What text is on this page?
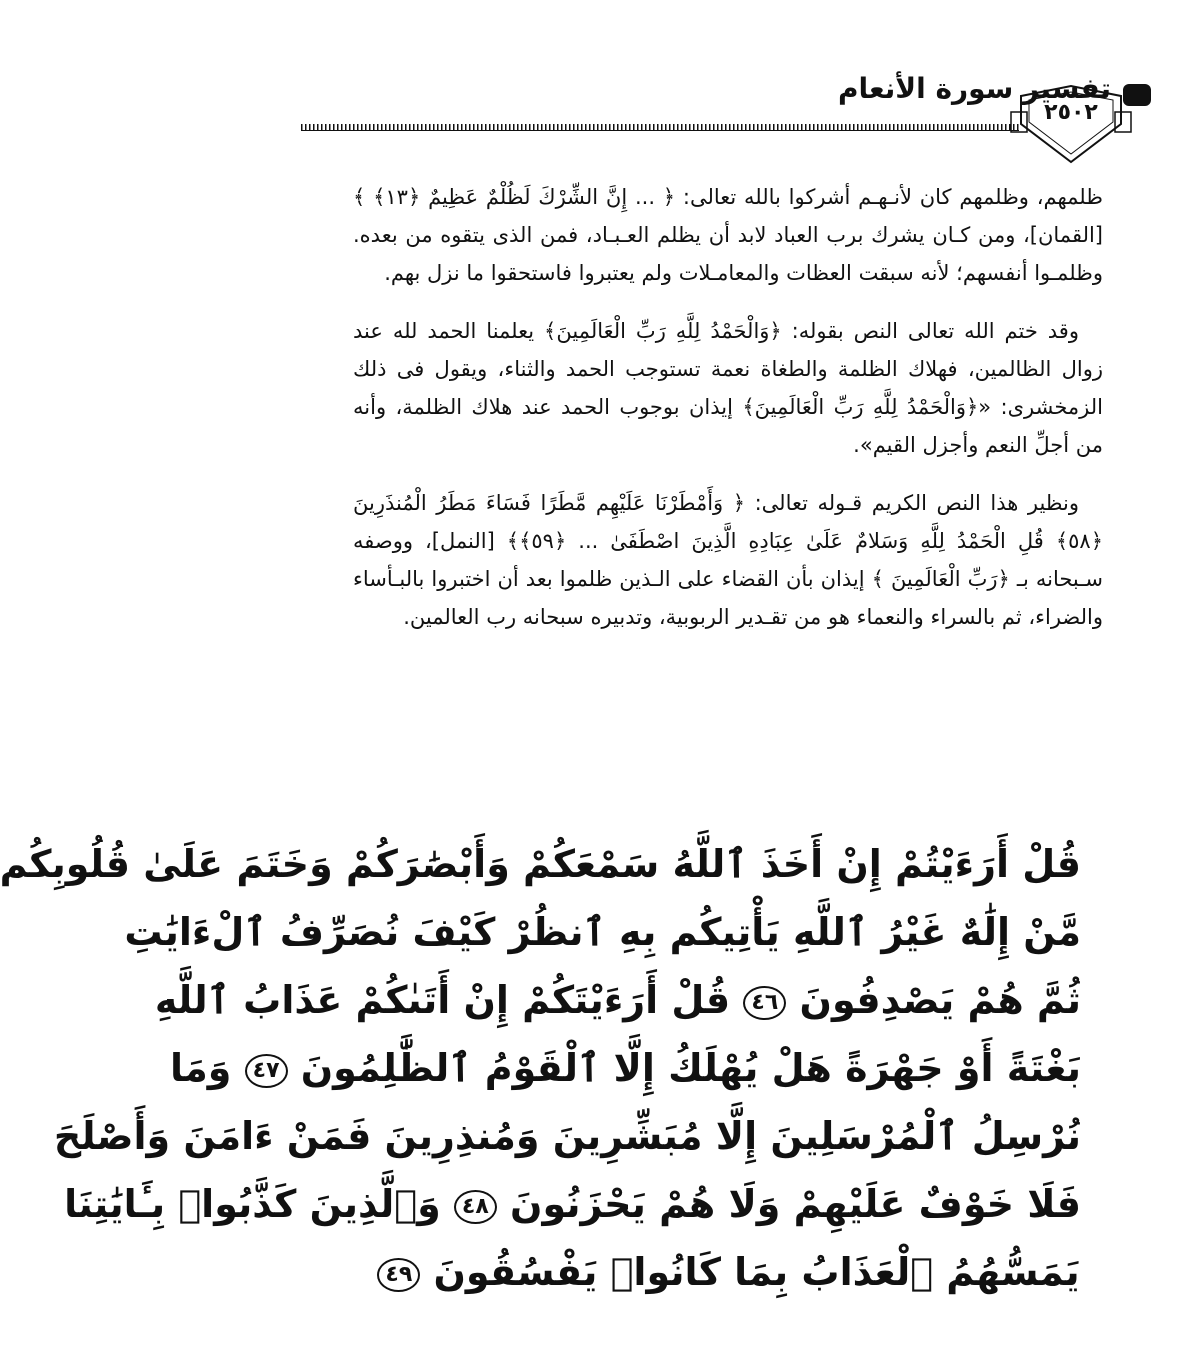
٢٥٠٢
تفسير سورة الأنعام

ظلمهم، وظلمهم كان لأنـهـم أشركوا بالله تعالى: ﴿ ... إِنَّ الشِّرْكَ لَظُلْمٌ عَظِيمٌ ﴿١٣﴾ ﴾ [القمان]، ومن كـان يشرك برب العباد لابد أن يظلم العـبـاد، فمن الذى يتقوه من بعده. وظلمـوا أنفسهم؛ لأنه سبقت العظات والمعامـلات ولم يعتبروا فاستحقوا ما نزل بهم.

وقد ختم الله تعالى النص بقوله: ﴿وَالْحَمْدُ لِلَّهِ رَبِّ الْعَالَمِينَ﴾ يعلمنا الحمد لله عند زوال الظالمين، فهلاك الظلمة والطغاة نعمة تستوجب الحمد والثناء، ويقول فى ذلك الزمخشرى: «﴿وَالْحَمْدُ لِلَّهِ رَبِّ الْعَالَمِينَ﴾ إيذان بوجوب الحمد عند هلاك الظلمة، وأنه من أجلِّ النعم وأجزل القيم».

ونظير هذا النص الكريم قـوله تعالى: ﴿ وَأَمْطَرْنَا عَلَيْهِم مَّطَرًا فَسَاءَ مَطَرُ الْمُنذَرِينَ ﴿٥٨﴾ قُلِ الْحَمْدُ لِلَّهِ وَسَلامٌ عَلَىٰ عِبَادِهِ الَّذِينَ اصْطَفَىٰ ... ﴿٥٩﴾﴾ [النمل]، ووصفه سـبحانه بـ ﴿رَبِّ الْعَالَمِينَ ﴾ إيذان بأن القضاء على الـذين ظلموا بعد أن اختبروا بالبـأساء والضراء، ثم بالسراء والنعماء هو من تقـدير الربوبية، وتدبيره سبحانه رب العالمين.

قُلْ أَرَءَيْتُمْ إِنْ أَخَذَ ٱللَّهُ سَمْعَكُمْ وَأَبْصَٰرَكُمْ وَخَتَمَ عَلَىٰ قُلُوبِكُم
مَّنْ إِلَٰهٌ غَيْرُ ٱللَّهِ يَأْتِيكُم بِهِ ٱنظُرْ كَيْفَ نُصَرِّفُ ٱلْءَايَٰتِ
ثُمَّ هُمْ يَصْدِفُونَ ٤٦ قُلْ أَرَءَيْتَكُمْ إِنْ أَتَىٰكُمْ عَذَابُ ٱللَّهِ
بَغْتَةً أَوْ جَهْرَةً هَلْ يُهْلَكُ إِلَّا ٱلْقَوْمُ ٱلظَّٰلِمُونَ ٤٧ وَمَا
نُرْسِلُ ٱلْمُرْسَلِينَ إِلَّا مُبَشِّرِينَ وَمُنذِرِينَ فَمَنْ ءَامَنَ وَأَصْلَحَ
فَلَا خَوْفٌ عَلَيْهِمْ وَلَا هُمْ يَحْزَنُونَ ٤٨ وَٱلَّذِينَ كَذَّبُوا۟ بِـَٔايَٰتِنَا
يَمَسُّهُمُ ٱلْعَذَابُ بِمَا كَانُوا۟ يَفْسُقُونَ ٤٩
